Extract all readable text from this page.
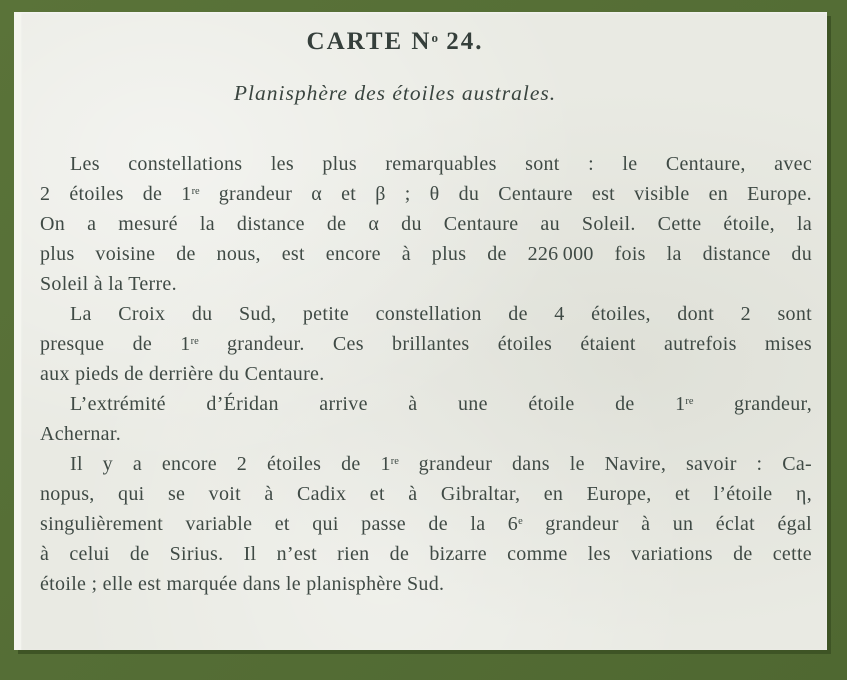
CARTE $N^o$ 24.
Planisphère des étoiles australes.
Les constellations les plus remarquables sont : le Centaure, avec
2 étoiles de 1re grandeur α et β ; θ du Centaure est visible en Europe.
On a mesuré la distance de α du Centaure au Soleil. Cette étoile, la
plus voisine de nous, est encore à plus de 226 000 fois la distance du
Soleil à la Terre.
La Croix du Sud, petite constellation de 4 étoiles, dont 2 sont
presque de 1re grandeur. Ces brillantes étoiles étaient autrefois mises
aux pieds de derrière du Centaure.
L’extrémité d’Éridan arrive à une étoile de 1re grandeur,
Achernar.
Il y a encore 2 étoiles de 1re grandeur dans le Navire, savoir : Ca-
nopus, qui se voit à Cadix et à Gibraltar, en Europe, et l’étoile η,
singulièrement variable et qui passe de la 6e grandeur à un éclat égal
à celui de Sirius. Il n’est rien de bizarre comme les variations de cette
étoile ; elle est marquée dans le planisphère Sud.
